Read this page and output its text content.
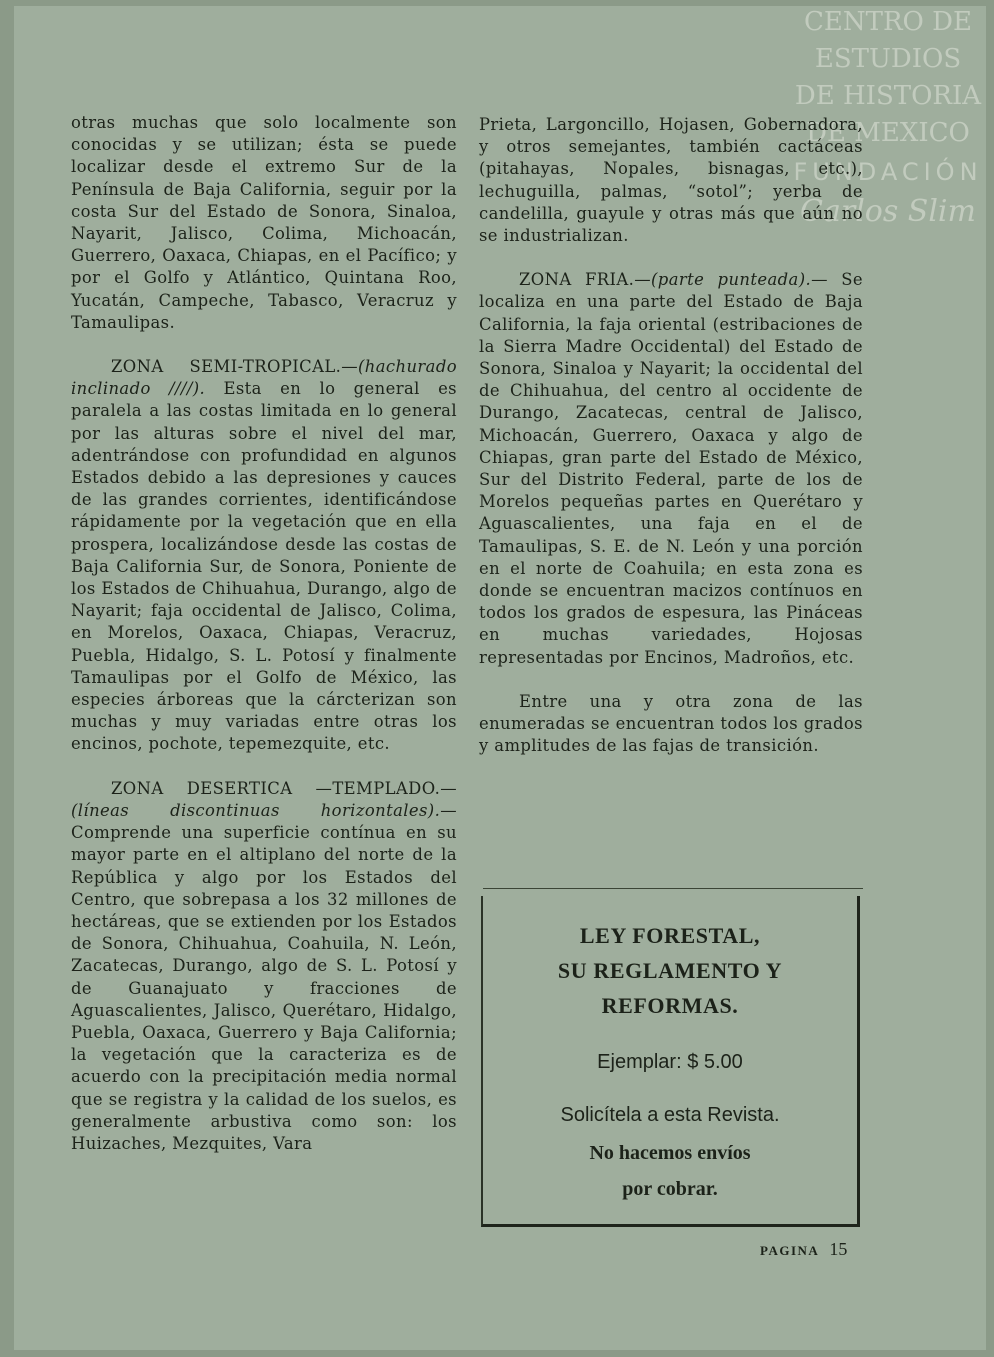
CENTRO DE
ESTUDIOS
DE HISTORIA
DE MEXICO
FUNDACIÓN
Carlos Slim

otras muchas que solo localmente son conocidas y se utilizan; ésta se puede localizar desde el extremo Sur de la Península de Baja California, seguir por la costa Sur del Estado de Sonora, Sinaloa, Nayarit, Jalisco, Colima, Michoacán, Guerrero, Oaxaca, Chiapas, en el Pacífico; y por el Golfo y Atlántico, Quintana Roo, Yucatán, Campeche, Tabasco, Veracruz y Tamaulipas.

ZONA SEMI-TROPICAL.—(hachurado inclinado ////). Esta en lo general es paralela a las costas limitada en lo general por las alturas sobre el nivel del mar, adentrándose con profundidad en algunos Estados debido a las depresiones y cauces de las grandes corrientes, identificándose rápidamente por la vegetación que en ella prospera, localizándose desde las costas de Baja California Sur, de Sonora, Poniente de los Estados de Chihuahua, Durango, algo de Nayarit; faja occidental de Jalisco, Colima, en Morelos, Oaxaca, Chiapas, Veracruz, Puebla, Hidalgo, S. L. Potosí y finalmente Tamaulipas por el Golfo de México, las especies árboreas que la cárcterizan son muchas y muy variadas entre otras los encinos, pochote, tepemezquite, etc.

ZONA DESERTICA —TEMPLADO.— (líneas discontinuas horizontales).— Comprende una superficie contínua en su mayor parte en el altiplano del norte de la República y algo por los Estados del Centro, que sobrepasa a los 32 millones de hectáreas, que se extienden por los Estados de Sonora, Chihuahua, Coahuila, N. León, Zacatecas, Durango, algo de S. L. Potosí y de Guanajuato y fracciones de Aguascalientes, Jalisco, Querétaro, Hidalgo, Puebla, Oaxaca, Guerrero y Baja California; la vegetación que la caracteriza es de acuerdo con la precipitación media normal que se registra y la calidad de los suelos, es generalmente arbustiva como son: los Huizaches, Mezquites, Vara

Prieta, Largoncillo, Hojasen, Gobernadora, y otros semejantes, también cactáceas (pitahayas, Nopales, bisnagas, etc.), lechuguilla, palmas, “sotol”; yerba de candelilla, guayule y otras más que aún no se industrializan.

ZONA FRIA.—(parte punteada).— Se localiza en una parte del Estado de Baja California, la faja oriental (estribaciones de la Sierra Madre Occidental) del Estado de Sonora, Sinaloa y Nayarit; la occidental del de Chihuahua, del centro al occidente de Durango, Zacatecas, central de Jalisco, Michoacán, Guerrero, Oaxaca y algo de Chiapas, gran parte del Estado de México, Sur del Distrito Federal, parte de los de Morelos pequeñas partes en Querétaro y Aguascalientes, una faja en el de Tamaulipas, S. E. de N. León y una porción en el norte de Coahuila; en esta zona es donde se encuentran macizos contínuos en todos los grados de espesura, las Pináceas en muchas variedades, Hojosas representadas por Encinos, Madroños, etc.

Entre una y otra zona de las enumeradas se encuentran todos los grados y amplitudes de las fajas de transición.

LEY FORESTAL,
SU REGLAMENTO Y
REFORMAS.
Ejemplar: $ 5.00
Solicítela a esta Revista.
No hacemos envíos
por cobrar.
PAGINA 15
